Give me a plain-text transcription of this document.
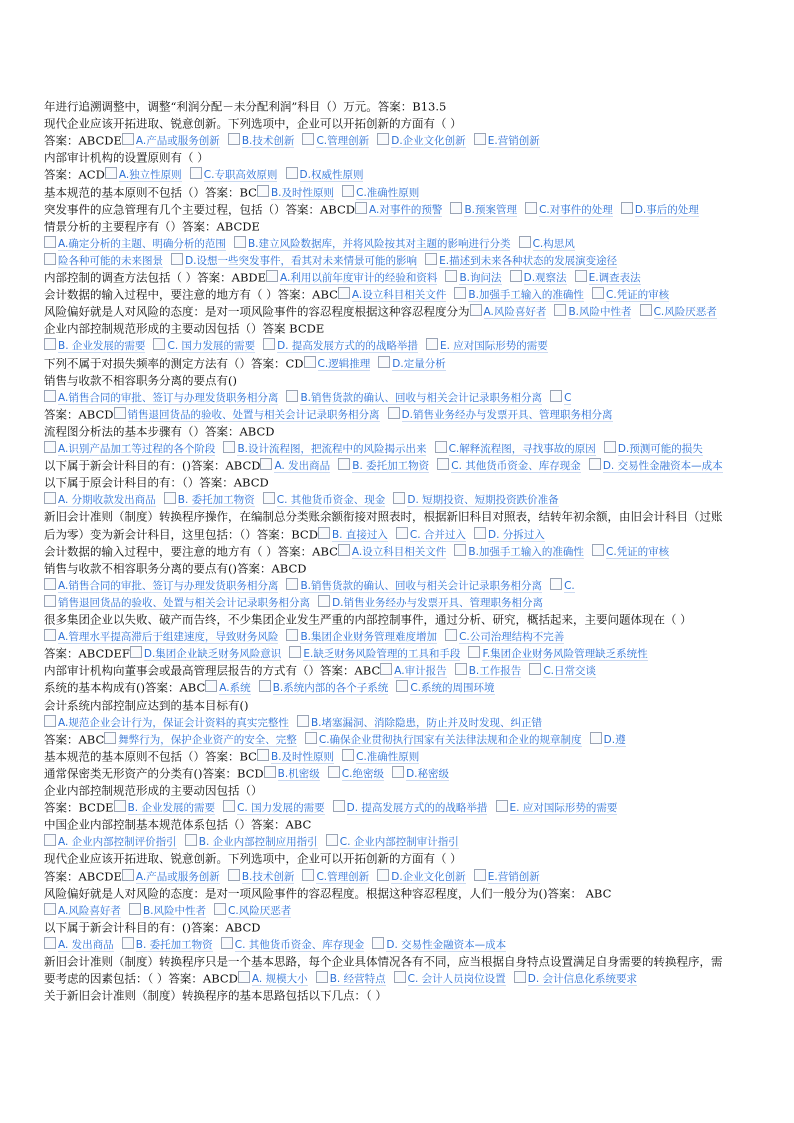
年进行追溯调整中，调整“利润分配－未分配利润”科目（）万元。答案：B13.5
现代企业应该开拓进取、锐意创新。下列选项中，企业可以开拓创新的方面有（ ）
答案：ABCDE A.产品或服务创新 B.技术创新 C.管理创新 D.企业文化创新 E.营销创新
内部审计机构的设置原则有（ ）
答案：ACD A.独立性原则 C.专职高效原则 D.权威性原则
基本规范的基本原则不包括（）答案：BC B.及时性原则 C.准确性原则
突发事件的应急管理有几个主要过程，包括（）答案：ABCD A.对事件的预警 B.预案管理 C.对事件的处理 D.事后的处理
情景分析的主要程序有（）答案：ABCDE
A.确定分析的主题、明确分析的范围 B.建立风险数据库，并将风险按其对主题的影响进行分类 C.构思风
险各种可能的未来图景 D.设想一些突发事件，看其对未来情景可能的影响 E.描述到未来各种状态的发展演变途径
内部控制的调查方法包括（ ）答案：ABDE A.利用以前年度审计的经验和资料 B.询问法 D.观察法 E.调查表法
会计数据的输入过程中，要注意的地方有（ ）答案：ABC A.设立科目相关文件 B.加强手工输入的准确性 C.凭证的审核
风险偏好就是人对风险的态度：是对一项风险事件的容忍程度根据这种容忍程度分为 A.风险喜好者 B.风险中性者 C.风险厌恶者
企业内部控制规范形成的主要动因包括（）答案 BCDE
B. 企业发展的需要 C. 国力发展的需要 D. 提高发展方式的的战略举措 E. 应对国际形势的需要
下列不属于对损失频率的测定方法有（）答案：CD C.逻辑推理 D.定量分析
销售与收款不相容职务分离的要点有()
A.销售合同的审批、签订与办理发货职务相分离 B.销售货款的确认、回收与相关会计记录职务相分离 C
答案：ABCD 销售退回货品的验收、处置与相关会计记录职务相分离 D.销售业务经办与发票开具、管理职务相分离
流程图分析法的基本步骤有（）答案：ABCD
A.识别产品加工等过程的各个阶段 B.设计流程图，把流程中的风险揭示出来 C.解释流程图，寻找事故的原因 D.预测可能的损失
以下属于新会计科目的有：()答案：ABCD A. 发出商品 B. 委托加工物资 C. 其他货币资金、库存现金 D. 交易性金融资本—成本
以下属于原会计科目的有：（）答案：ABCD
A. 分期收款发出商品 B. 委托加工物资 C. 其他货币资金、现金 D. 短期投资、短期投资跌价准备
新旧会计准则（制度）转换程序操作，在编制总分类账余额衔接对照表时，根据新旧科目对照表，结转年初余额，由旧会计科目（过账
后为零）变为新会计科目，这里包括：（）答案：BCD B. 直接过入 C. 合并过入 D. 分拆过入
会计数据的输入过程中，要注意的地方有（ ）答案：ABC A.设立科目相关文件 B.加强手工输入的准确性 C.凭证的审核
销售与收款不相容职务分离的要点有()答案：ABCD
A.销售合同的审批、签订与办理发货职务相分离 B.销售货款的确认、回收与相关会计记录职务相分离 C.
销售退回货品的验收、处置与相关会计记录职务相分离 D.销售业务经办与发票开具、管理职务相分离
很多集团企业以失败、破产而告终，不少集团企业发生严重的内部控制事件，通过分析、研究，概括起来，主要问题体现在（ ）
A.管理水平提高滞后于组建速度，导致财务风险 B.集团企业财务管理难度增加 C.公司治理结构不完善
答案：ABCDEF D.集团企业缺乏财务风险意识 E.缺乏财务风险管理的工具和手段 F.集团企业财务风险管理缺乏系统性
内部审计机构向董事会或最高管理层报告的方式有（）答案：ABC A.审计报告 B.工作报告 C.日常交谈
系统的基本构成有()答案：ABC A.系统 B.系统内部的各个子系统 C.系统的周围环境
会计系统内部控制应达到的基本目标有()
A.规范企业会计行为，保证会计资料的真实完整性 B.堵塞漏洞、消除隐患，防止并及时发现、纠正错
答案：ABC 舞弊行为，保护企业资产的安全、完整 C.确保企业贯彻执行国家有关法律法规和企业的规章制度 D.遵
基本规范的基本原则不包括（）答案：BC B.及时性原则 C.准确性原则
通常保密类无形资产的分类有()答案：BCD B.机密级 C.绝密级 D.秘密级
企业内部控制规范形成的主要动因包括（）
答案：BCDE B. 企业发展的需要 C. 国力发展的需要 D. 提高发展方式的的战略举措 E. 应对国际形势的需要
中国企业内部控制基本规范体系包括（）答案：ABC
A. 企业内部控制评价指引 B. 企业内部控制应用指引 C. 企业内部控制审计指引
现代企业应该开拓进取、锐意创新。下列选项中，企业可以开拓创新的方面有（ ）
答案：ABCDE A.产品或服务创新 B.技术创新 C.管理创新 D.企业文化创新 E.营销创新
风险偏好就是人对风险的态度：是对一项风险事件的容忍程度。根据这种容忍程度，人们一般分为()答案： ABC
A.风险喜好者 B.风险中性者 C.风险厌恶者
以下属于新会计科目的有：()答案：ABCD
A. 发出商品 B. 委托加工物资 C. 其他货币资金、库存现金 D. 交易性金融资本—成本
新旧会计准则（制度）转换程序只是一个基本思路，每个企业具体情况各有不同，应当根据自身特点设置满足自身需要的转换程序，需
要考虑的因素包括：（ ）答案：ABCD A. 规模大小 B. 经营特点 C. 会计人员岗位设置 D. 会计信息化系统要求
关于新旧会计准则（制度）转换程序的基本思路包括以下几点：（ ）
